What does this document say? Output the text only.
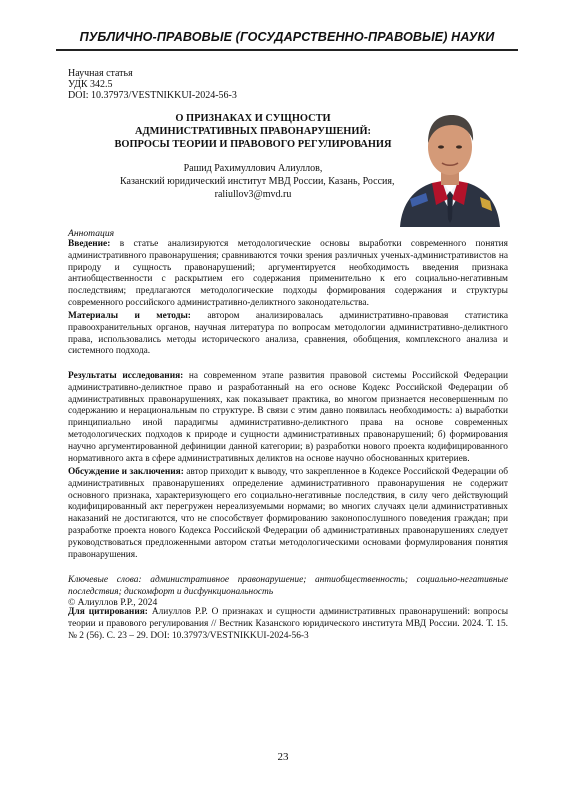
ПУБЛИЧНО-ПРАВОВЫЕ (ГОСУДАРСТВЕННО-ПРАВОВЫЕ) НАУКИ
Научная статья
УДК 342.5
DOI: 10.37973/VESTNIKKUI-2024-56-3
О ПРИЗНАКАХ И СУЩНОСТИ
АДМИНИСТРАТИВНЫХ ПРАВОНАРУШЕНИЙ:
ВОПРОСЫ ТЕОРИИ И ПРАВОВОГО РЕГУЛИРОВАНИЯ
Рашид Рахимуллович Алиуллов,
Казанский юридический институт МВД России, Казань, Россия,
raliullov3@mvd.ru
Аннотация
Введение: в статье анализируются методологические основы выработки современного понятия административного правонарушения; сравниваются точки зрения различных ученых-административистов на природу и сущность правонарушений; аргументируется необходимость введения признака антиобщественности с раскрытием его содержания применительно к его социально-негативным последствиям; предлагаются методологические подходы формирования содержания и структуры современного российского административно-деликтного законодательства.
Материалы и методы: автором анализировалась административно-правовая статистика правоохранительных органов, научная литература по вопросам методологии административно-деликтного права, использовались методы исторического анализа, сравнения, обобщения, комплексного анализа и системного подхода.
Результаты исследования: на современном этапе развития правовой системы Российской Федерации административно-деликтное право и разработанный на его основе Кодекс Российской Федерации об административных правонарушениях, как показывает практика, во многом признается несовершенным по содержанию и нерациональным по структуре. В связи с этим давно появилась необходимость: а) выработки принципиально иной парадигмы административно-деликтного права на основе современных методологических подходов к природе и сущности административных правонарушений; б) формирования научно аргументированной дефиниции данной категории; в) разработки нового проекта кодифицированного нормативного акта в сфере административных деликтов на основе научно обоснованных критериев.
Обсуждение и заключения: автор приходит к выводу, что закрепленное в Кодексе Российской Федерации об административных правонарушениях определение административного правонарушения не содержит основного признака, характеризующего его социально-негативные последствия, в силу чего действующий кодифицированный акт перегружен нереализуемыми нормами; во многих случаях цели административных наказаний не достигаются, что не способствует формированию законопослушного поведения граждан; при разработке проекта нового Кодекса Российской Федерации об административных правонарушениях следует руководствоваться предложенными автором статьи методологическими основами формулирования понятия правонарушения.
Ключевые слова: административное правонарушение; антиобщественность; социально-негативные последствия; дискомфорт и дисфункциональность
© Алиуллов Р.Р., 2024
Для цитирования: Алиуллов Р.Р. О признаках и сущности административных правонарушений: вопросы теории и правового регулирования // Вестник Казанского юридического института МВД России. 2024. Т. 15. № 2 (56). С. 23 – 29. DOI: 10.37973/VESTNIKKUI-2024-56-3
23
